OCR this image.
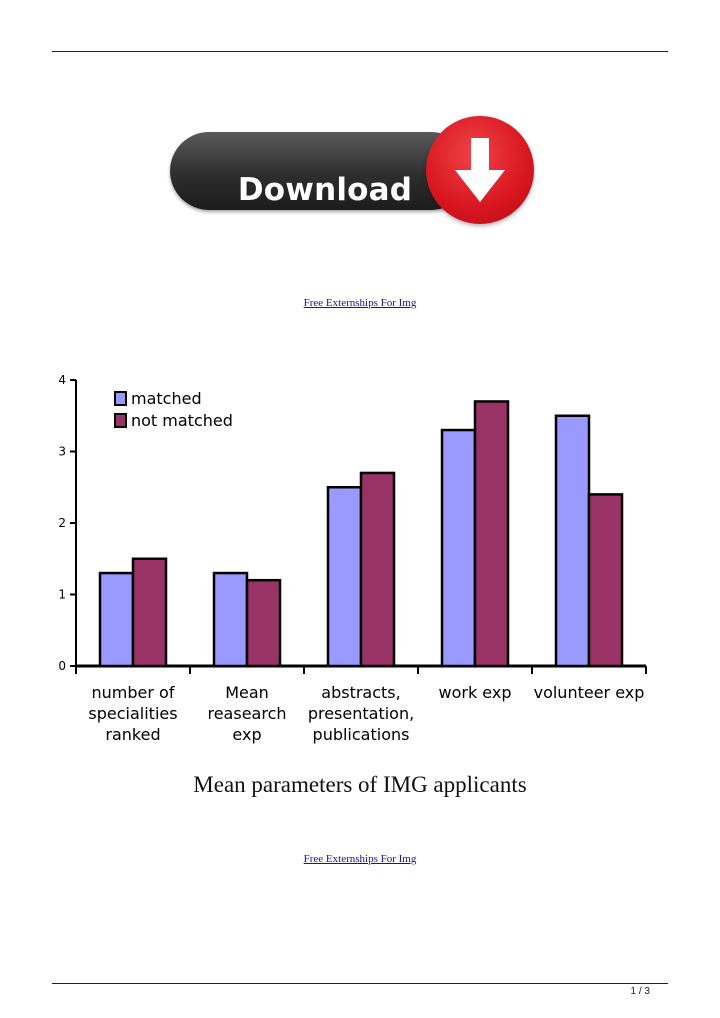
Download
Free Externships For Img
0
1
2
3
4
matched
not matched
number of specialities ranked
Mean reasearch exp
abstracts, presentation, publications
work exp volunteer exp
Mean parameters of IMG applicants
Free Externships For Img
1 / 3
